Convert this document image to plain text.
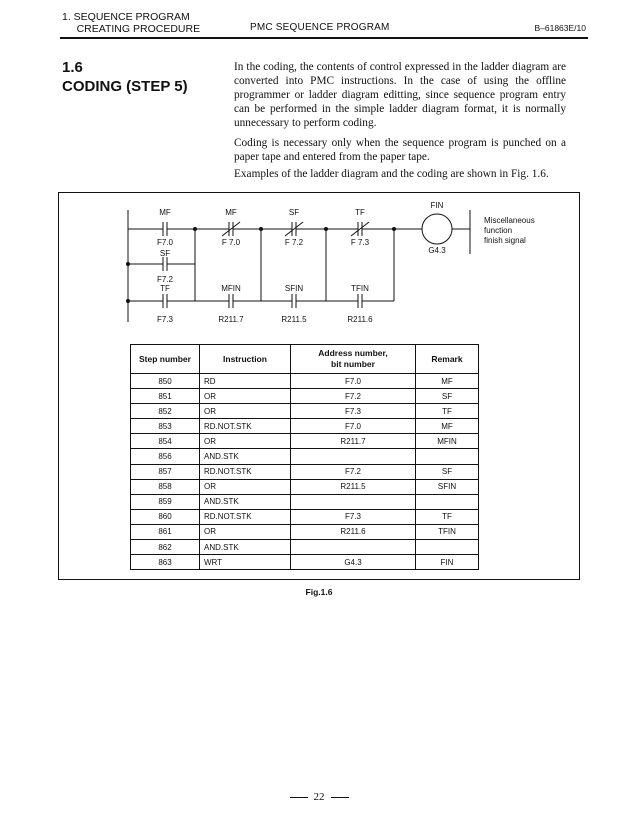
1. SEQUENCE PROGRAM
CREATING PROCEDURE	PMC SEQUENCE PROGRAM	B–61863E/10
1.6
CODING (STEP 5)
In the coding, the contents of control expressed in the ladder diagram are converted into PMC instructions. In the case of using the offline programmer or ladder diagram editting, since sequence program entry can be performed in the simple ladder diagram format, it is normally unnecessary to perform coding.
Coding is necessary only when the sequence program is punched on a paper tape and entered from the paper tape.
Examples of the ladder diagram and the coding are shown in Fig. 1.6.
MF	MF	SF	TF
F7.0	F 7.0	F 7.2	F 7.3
SF
F7.2
TF	MFIN	SFIN	TFIN
F7.3	R211.7	R211.5	R211.6
FIN
G4.3
Miscellaneous
function
finish signal
Step number	Instruction	Address number,
bit number	Remark
850	RD	F7.0	MF
851	OR	F7.2	SF
852	OR	F7.3	TF
853	RD.NOT.STK	F7.0	MF
854	OR	R211.7	MFIN
856	AND.STK		
857	RD.NOT.STK	F7.2	SF
858	OR	R211.5	SFIN
859	AND.STK		
860	RD.NOT.STK	F7.3	TF
861	OR	R211.6	TFIN
862	AND.STK		
863	WRT	G4.3	FIN
Fig.1.6
22
